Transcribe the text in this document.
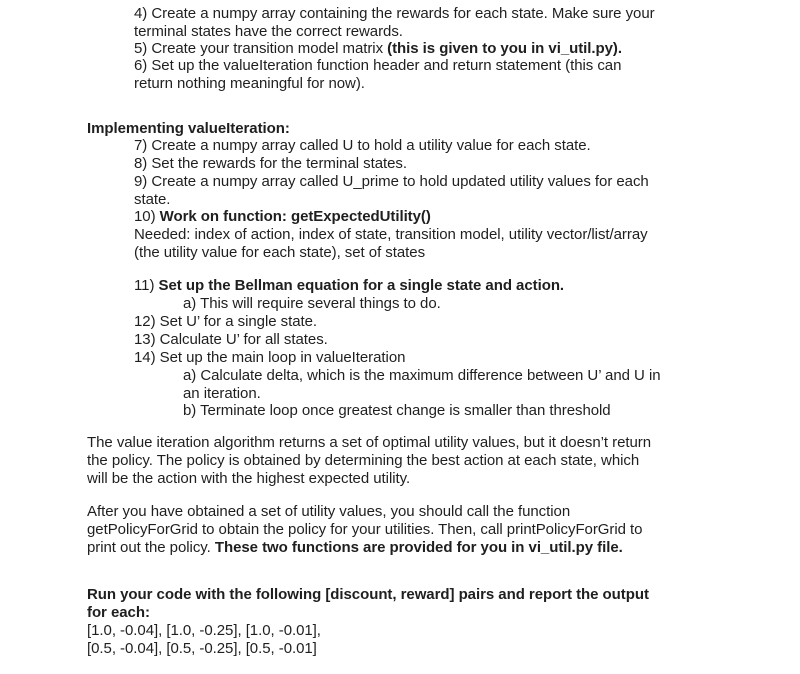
4) Create a numpy array containing the rewards for each state. Make sure your
terminal states have the correct rewards.
5) Create your transition model matrix (this is given to you in vi_util.py).
6) Set up the valueIteration function header and return statement (this can
return nothing meaningful for now).
Implementing valueIteration:
7) Create a numpy array called U to hold a utility value for each state.
8) Set the rewards for the terminal states.
9) Create a numpy array called U_prime to hold updated utility values for each
state.
10) Work on function: getExpectedUtility()
Needed: index of action, index of state, transition model, utility vector/list/array
(the utility value for each state), set of states
11) Set up the Bellman equation for a single state and action.
a) This will require several things to do.
12) Set U’ for a single state.
13) Calculate U’ for all states.
14) Set up the main loop in valueIteration
a) Calculate delta, which is the maximum difference between U’ and U in
an iteration.
b) Terminate loop once greatest change is smaller than threshold
The value iteration algorithm returns a set of optimal utility values, but it doesn’t return
the policy. The policy is obtained by determining the best action at each state, which
will be the action with the highest expected utility.
After you have obtained a set of utility values, you should call the function
getPolicyForGrid to obtain the policy for your utilities. Then, call printPolicyForGrid to
print out the policy. These two functions are provided for you in vi_util.py file.
Run your code with the following [discount, reward] pairs and report the output
for each:
[1.0, -0.04], [1.0, -0.25], [1.0, -0.01],
[0.5, -0.04], [0.5, -0.25], [0.5, -0.01]
